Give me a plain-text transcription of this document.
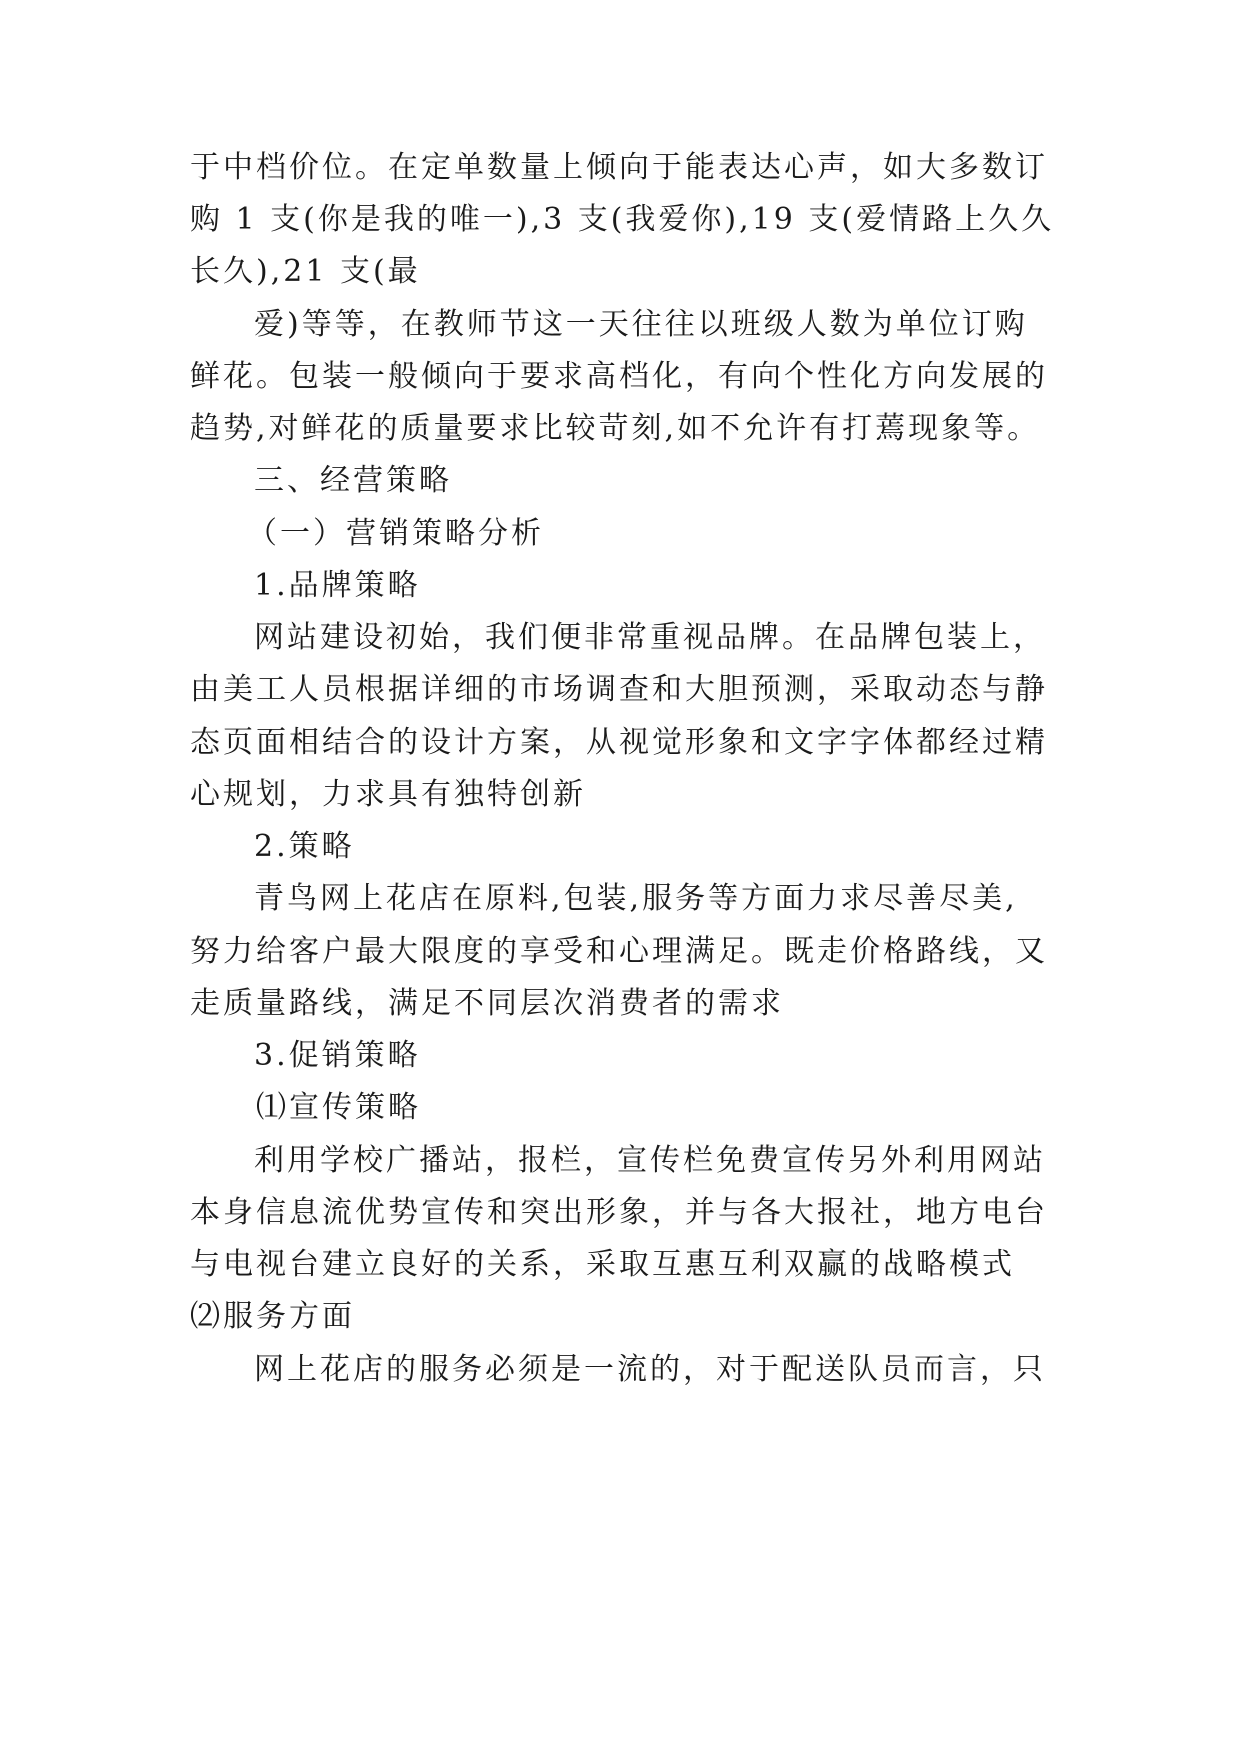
于中档价位。在定单数量上倾向于能表达心声，如大多数订

购 1 支(你是我的唯一),3 支(我爱你),19 支(爱情路上久久

长久),21 支(最

爱)等等，在教师节这一天往往以班级人数为单位订购

鲜花。包装一般倾向于要求高档化，有向个性化方向发展的

趋势,对鲜花的质量要求比较苛刻,如不允许有打蔫现象等。

三、经营策略

（一）营销策略分析

1.品牌策略

网站建设初始，我们便非常重视品牌。在品牌包装上，

由美工人员根据详细的市场调查和大胆预测，采取动态与静

态页面相结合的设计方案，从视觉形象和文字字体都经过精

心规划，力求具有独特创新

2.策略

青鸟网上花店在原料,包装,服务等方面力求尽善尽美,

努力给客户最大限度的享受和心理满足。既走价格路线，又

走质量路线，满足不同层次消费者的需求

3.促销策略

⑴宣传策略

利用学校广播站，报栏，宣传栏免费宣传另外利用网站

本身信息流优势宣传和突出形象，并与各大报社，地方电台

与电视台建立良好的关系，采取互惠互利双赢的战略模式

⑵服务方面

网上花店的服务必须是一流的，对于配送队员而言，只
